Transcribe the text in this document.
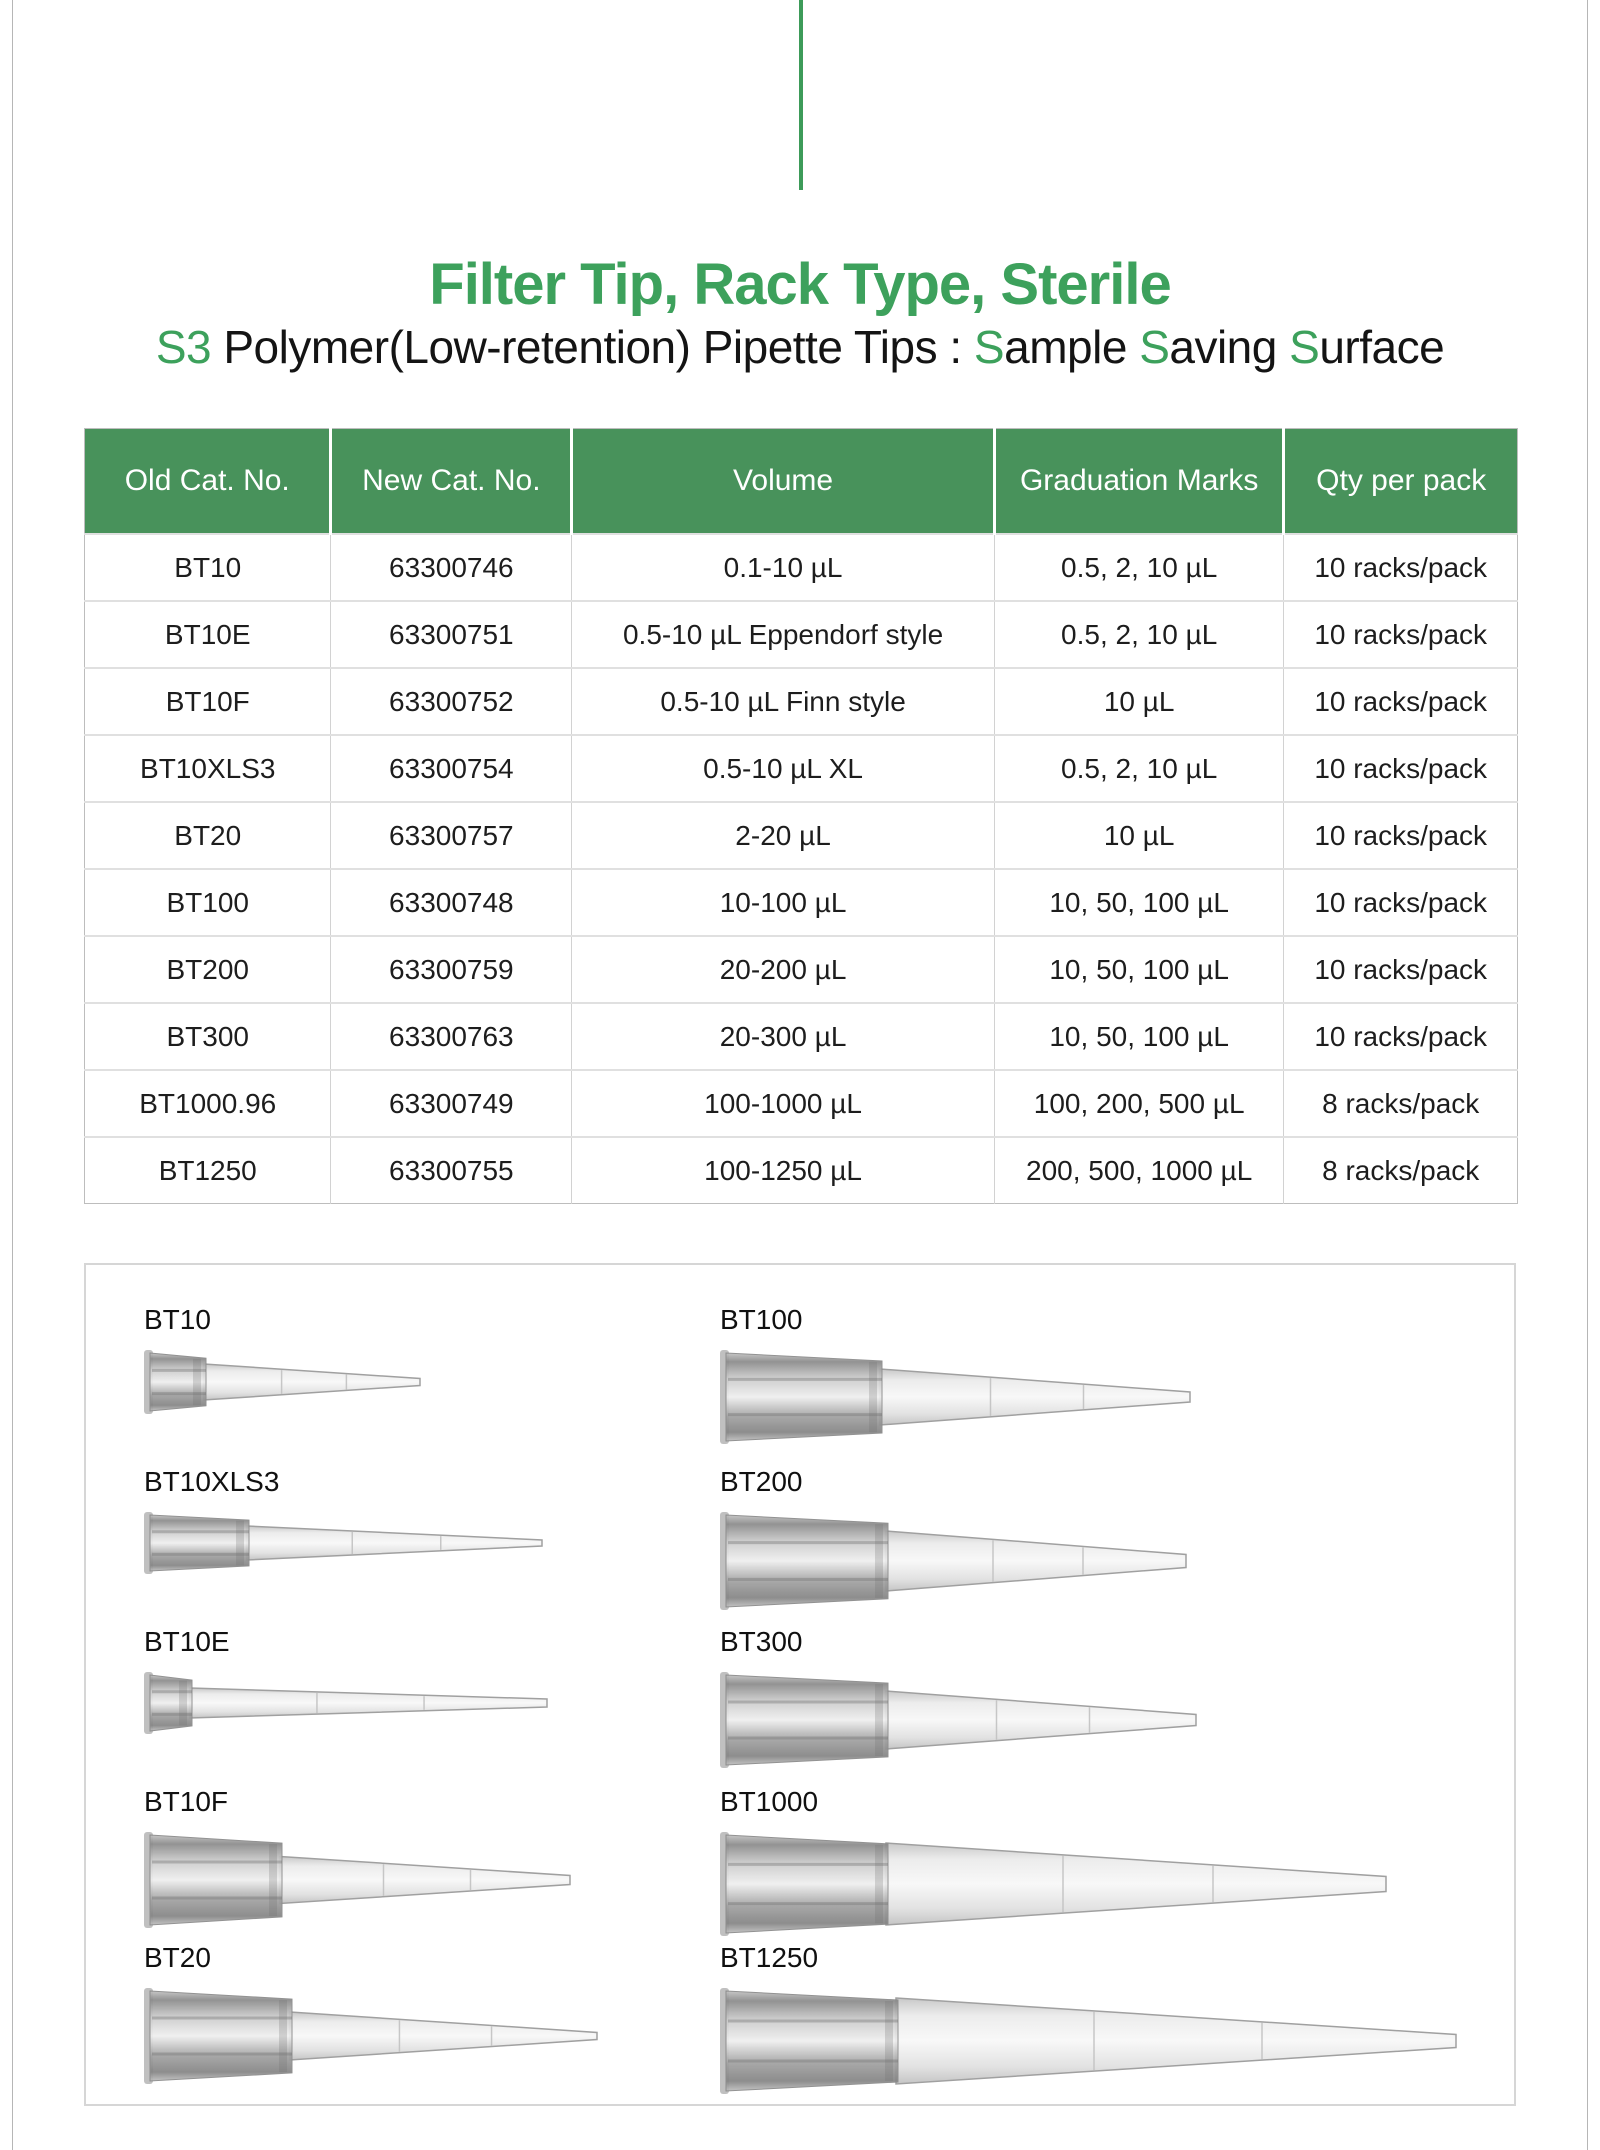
Filter Tip, Rack Type, Sterile
S3 Polymer(Low-retention) Pipette Tips : Sample Saving Surface
Old Cat. No.	New Cat. No.	Volume	Graduation Marks	Qty per pack
BT10	63300746	0.1-10 µL	0.5, 2, 10 µL	10 racks/pack
BT10E	63300751	0.5-10 µL Eppendorf style	0.5, 2, 10 µL	10 racks/pack
BT10F	63300752	0.5-10 µL Finn style	10 µL	10 racks/pack
BT10XLS3	63300754	0.5-10 µL XL	0.5, 2, 10 µL	10 racks/pack
BT20	63300757	2-20 µL	10 µL	10 racks/pack
BT100	63300748	10-100 µL	10, 50, 100 µL	10 racks/pack
BT200	63300759	20-200 µL	10, 50, 100 µL	10 racks/pack
BT300	63300763	20-300 µL	10, 50, 100 µL	10 racks/pack
BT1000.96	63300749	100-1000 µL	100, 200, 500 µL	8 racks/pack
BT1250	63300755	100-1250 µL	200, 500, 1000 µL	8 racks/pack
BT10	BT100
BT10XLS3	BT200
BT10E	BT300
BT10F	BT1000
BT20	BT1250
